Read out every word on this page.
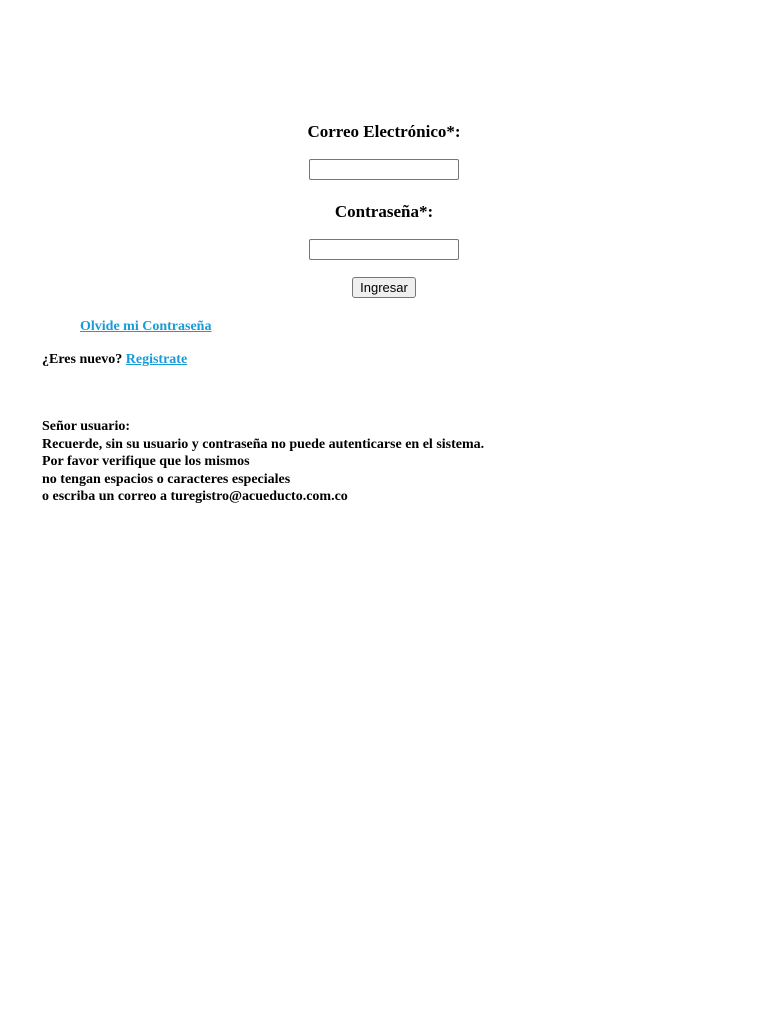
Correo Electrónico*:

Contraseña*:

Ingresar
Olvide mi Contraseña
¿Eres nuevo? Registrate
Señor usuario:
Recuerde, sin su usuario y contraseña no puede autenticarse en el sistema.
Por favor verifique que los mismos
no tengan espacios o caracteres especiales
o escriba un correo a turegistro@acueducto.com.co
